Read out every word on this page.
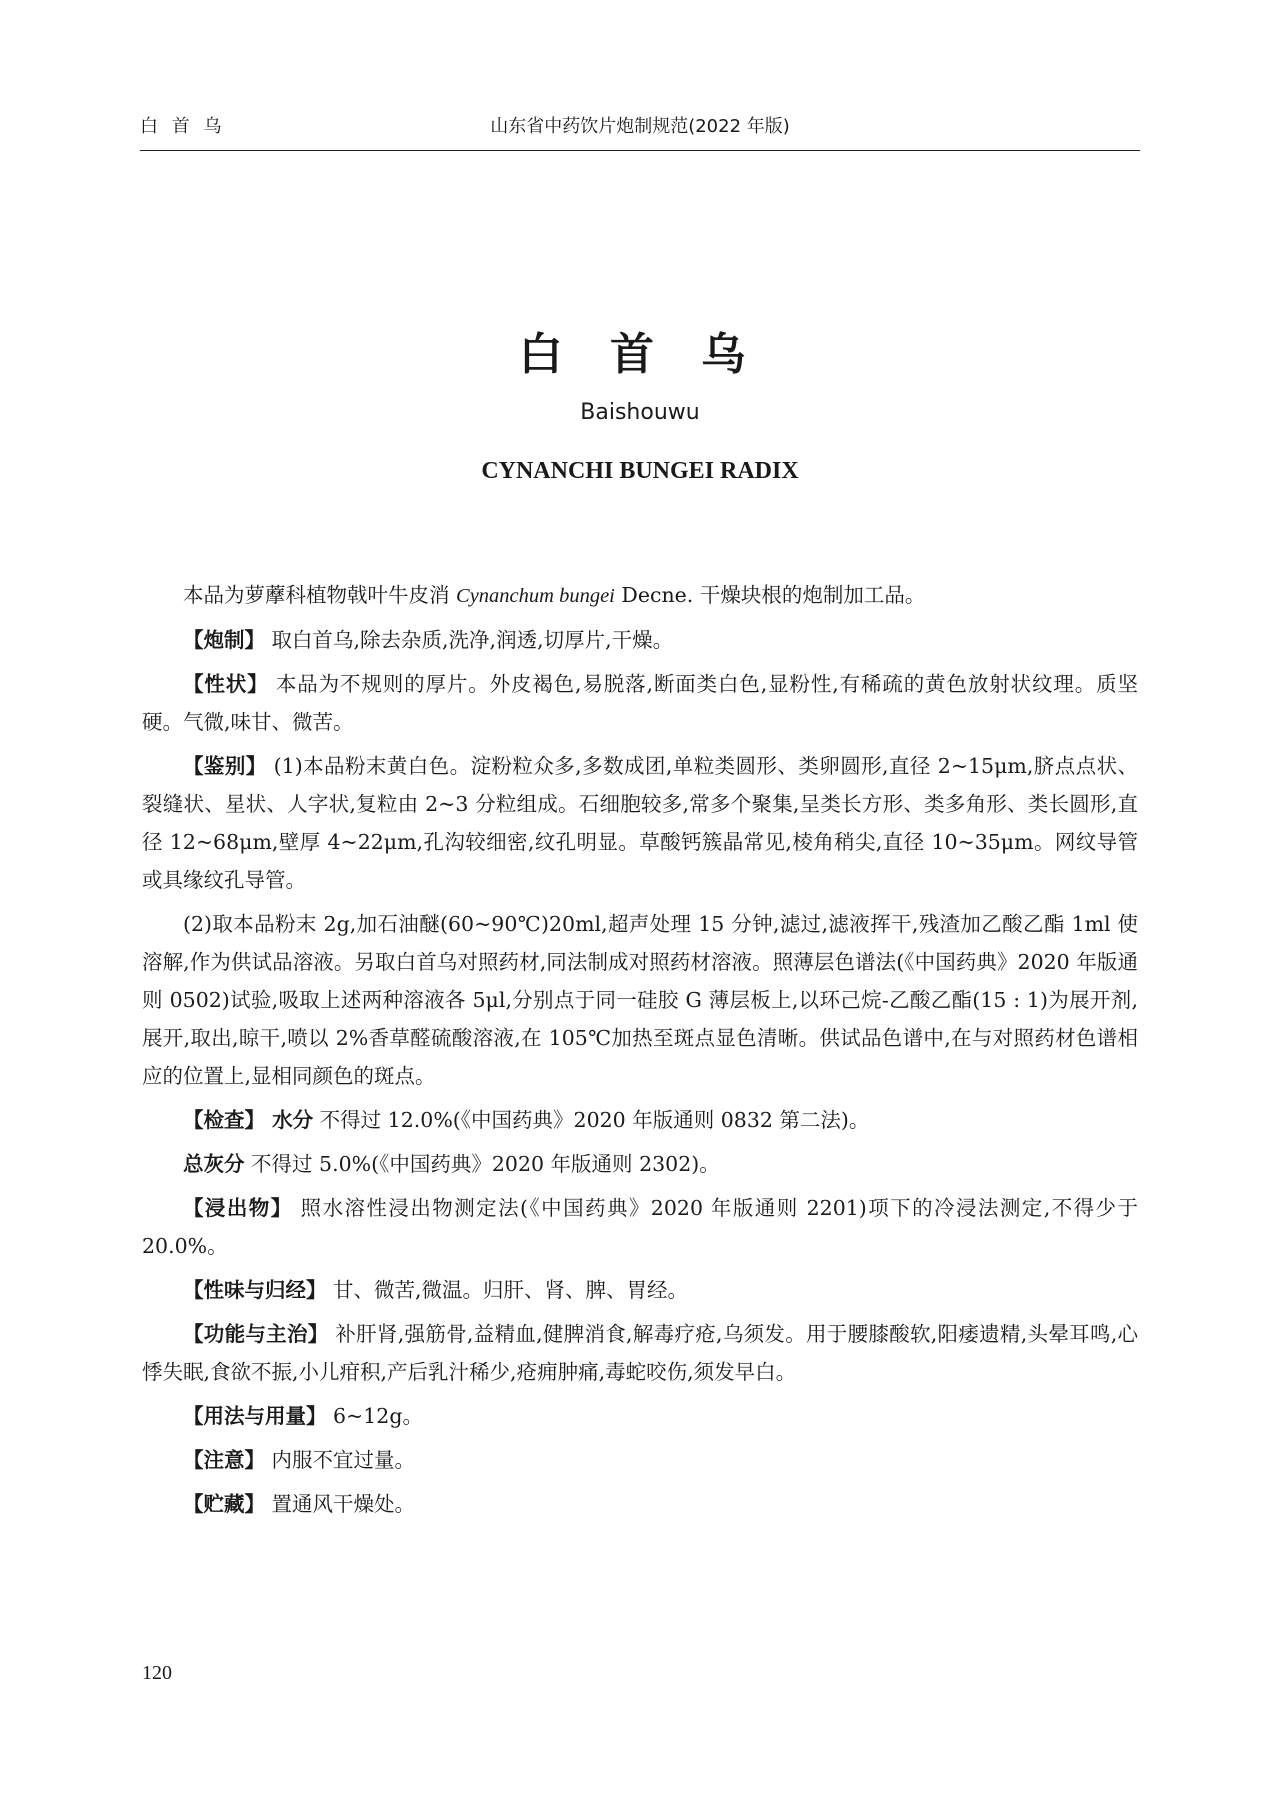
白 首 乌	山东省中药饮片炮制规范(2022 年版)
白 首 乌
Baishouwu
CYNANCHI BUNGEI RADIX

本品为萝藦科植物戟叶牛皮消 Cynanchum bungei Decne. 干燥块根的炮制加工品。

【炮制】 取白首乌,除去杂质,洗净,润透,切厚片,干燥。

【性状】 本品为不规则的厚片。外皮褐色,易脱落,断面类白色,显粉性,有稀疏的黄色放射状纹理。质坚硬。气微,味甘、微苦。

【鉴别】 (1)本品粉末黄白色。淀粉粒众多,多数成团,单粒类圆形、类卵圆形,直径 2~15μm,脐点点状、裂缝状、星状、人字状,复粒由 2~3 分粒组成。石细胞较多,常多个聚集,呈类长方形、类多角形、类长圆形,直径 12~68μm,壁厚 4~22μm,孔沟较细密,纹孔明显。草酸钙簇晶常见,棱角稍尖,直径 10~35μm。网纹导管或具缘纹孔导管。

(2)取本品粉末 2g,加石油醚(60~90℃)20ml,超声处理 15 分钟,滤过,滤液挥干,残渣加乙酸乙酯 1ml 使溶解,作为供试品溶液。另取白首乌对照药材,同法制成对照药材溶液。照薄层色谱法(《中国药典》2020 年版通则 0502)试验,吸取上述两种溶液各 5μl,分别点于同一硅胶 G 薄层板上,以环己烷-乙酸乙酯(15 : 1)为展开剂,展开,取出,晾干,喷以 2%香草醛硫酸溶液,在 105℃加热至斑点显色清晰。供试品色谱中,在与对照药材色谱相应的位置上,显相同颜色的斑点。

【检查】 水分 不得过 12.0%(《中国药典》2020 年版通则 0832 第二法)。

总灰分 不得过 5.0%(《中国药典》2020 年版通则 2302)。

【浸出物】 照水溶性浸出物测定法(《中国药典》2020 年版通则 2201)项下的冷浸法测定,不得少于 20.0%。

【性味与归经】 甘、微苦,微温。归肝、肾、脾、胃经。

【功能与主治】 补肝肾,强筋骨,益精血,健脾消食,解毒疗疮,乌须发。用于腰膝酸软,阳痿遗精,头晕耳鸣,心悸失眠,食欲不振,小儿疳积,产后乳汁稀少,疮痈肿痛,毒蛇咬伤,须发早白。

【用法与用量】 6~12g。

【注意】 内服不宜过量。

【贮藏】 置通风干燥处。

120
